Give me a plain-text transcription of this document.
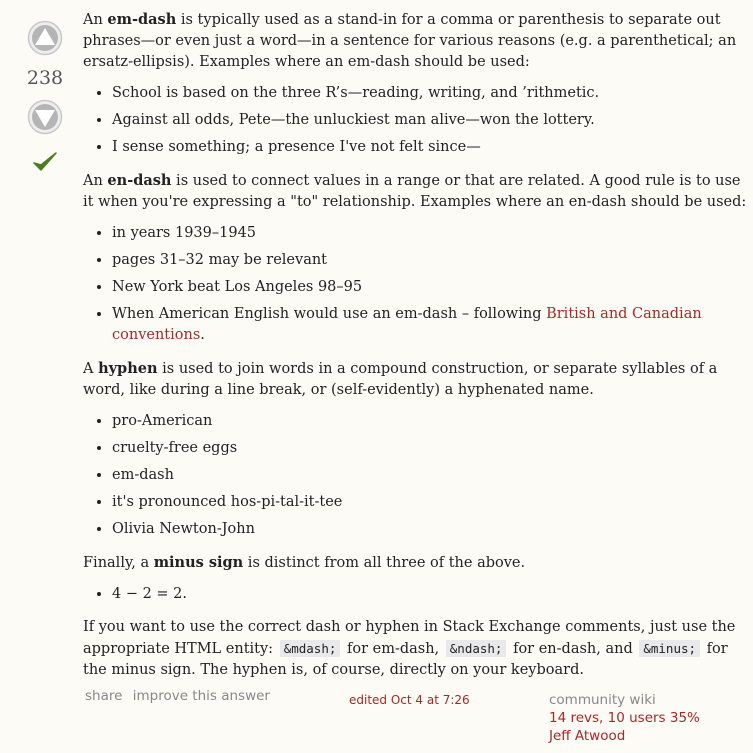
238

An em-dash is typically used as a stand-in for a comma or parenthesis to separate out phrases—or even just a word—in a sentence for various reasons (e.g. a parenthetical; an ersatz-ellipsis). Examples where an em-dash should be used:

• School is based on the three R’s—reading, writing, and ’rithmetic.
• Against all odds, Pete—the unluckiest man alive—won the lottery.
• I sense something; a presence I've not felt since—

An en-dash is used to connect values in a range or that are related. A good rule is to use it when you're expressing a "to" relationship. Examples where an en-dash should be used:

• in years 1939–1945
• pages 31–32 may be relevant
• New York beat Los Angeles 98–95
• When American English would use an em-dash – following British and Canadian conventions.

A hyphen is used to join words in a compound construction, or separate syllables of a word, like during a line break, or (self-evidently) a hyphenated name.

• pro-American
• cruelty-free eggs
• em-dash
• it's pronounced hos-pi-tal-it-tee
• Olivia Newton-John

Finally, a minus sign is distinct from all three of the above.

• 4 − 2 = 2.

If you want to use the correct dash or hyphen in Stack Exchange comments, just use the appropriate HTML entity: &mdash; for em-dash, &ndash; for en-dash, and &minus; for the minus sign. The hyphen is, of course, directly on your keyboard.

share improve this answer	edited Oct 4 at 7:26	community wiki
14 revs, 10 users 35%
Jeff Atwood
